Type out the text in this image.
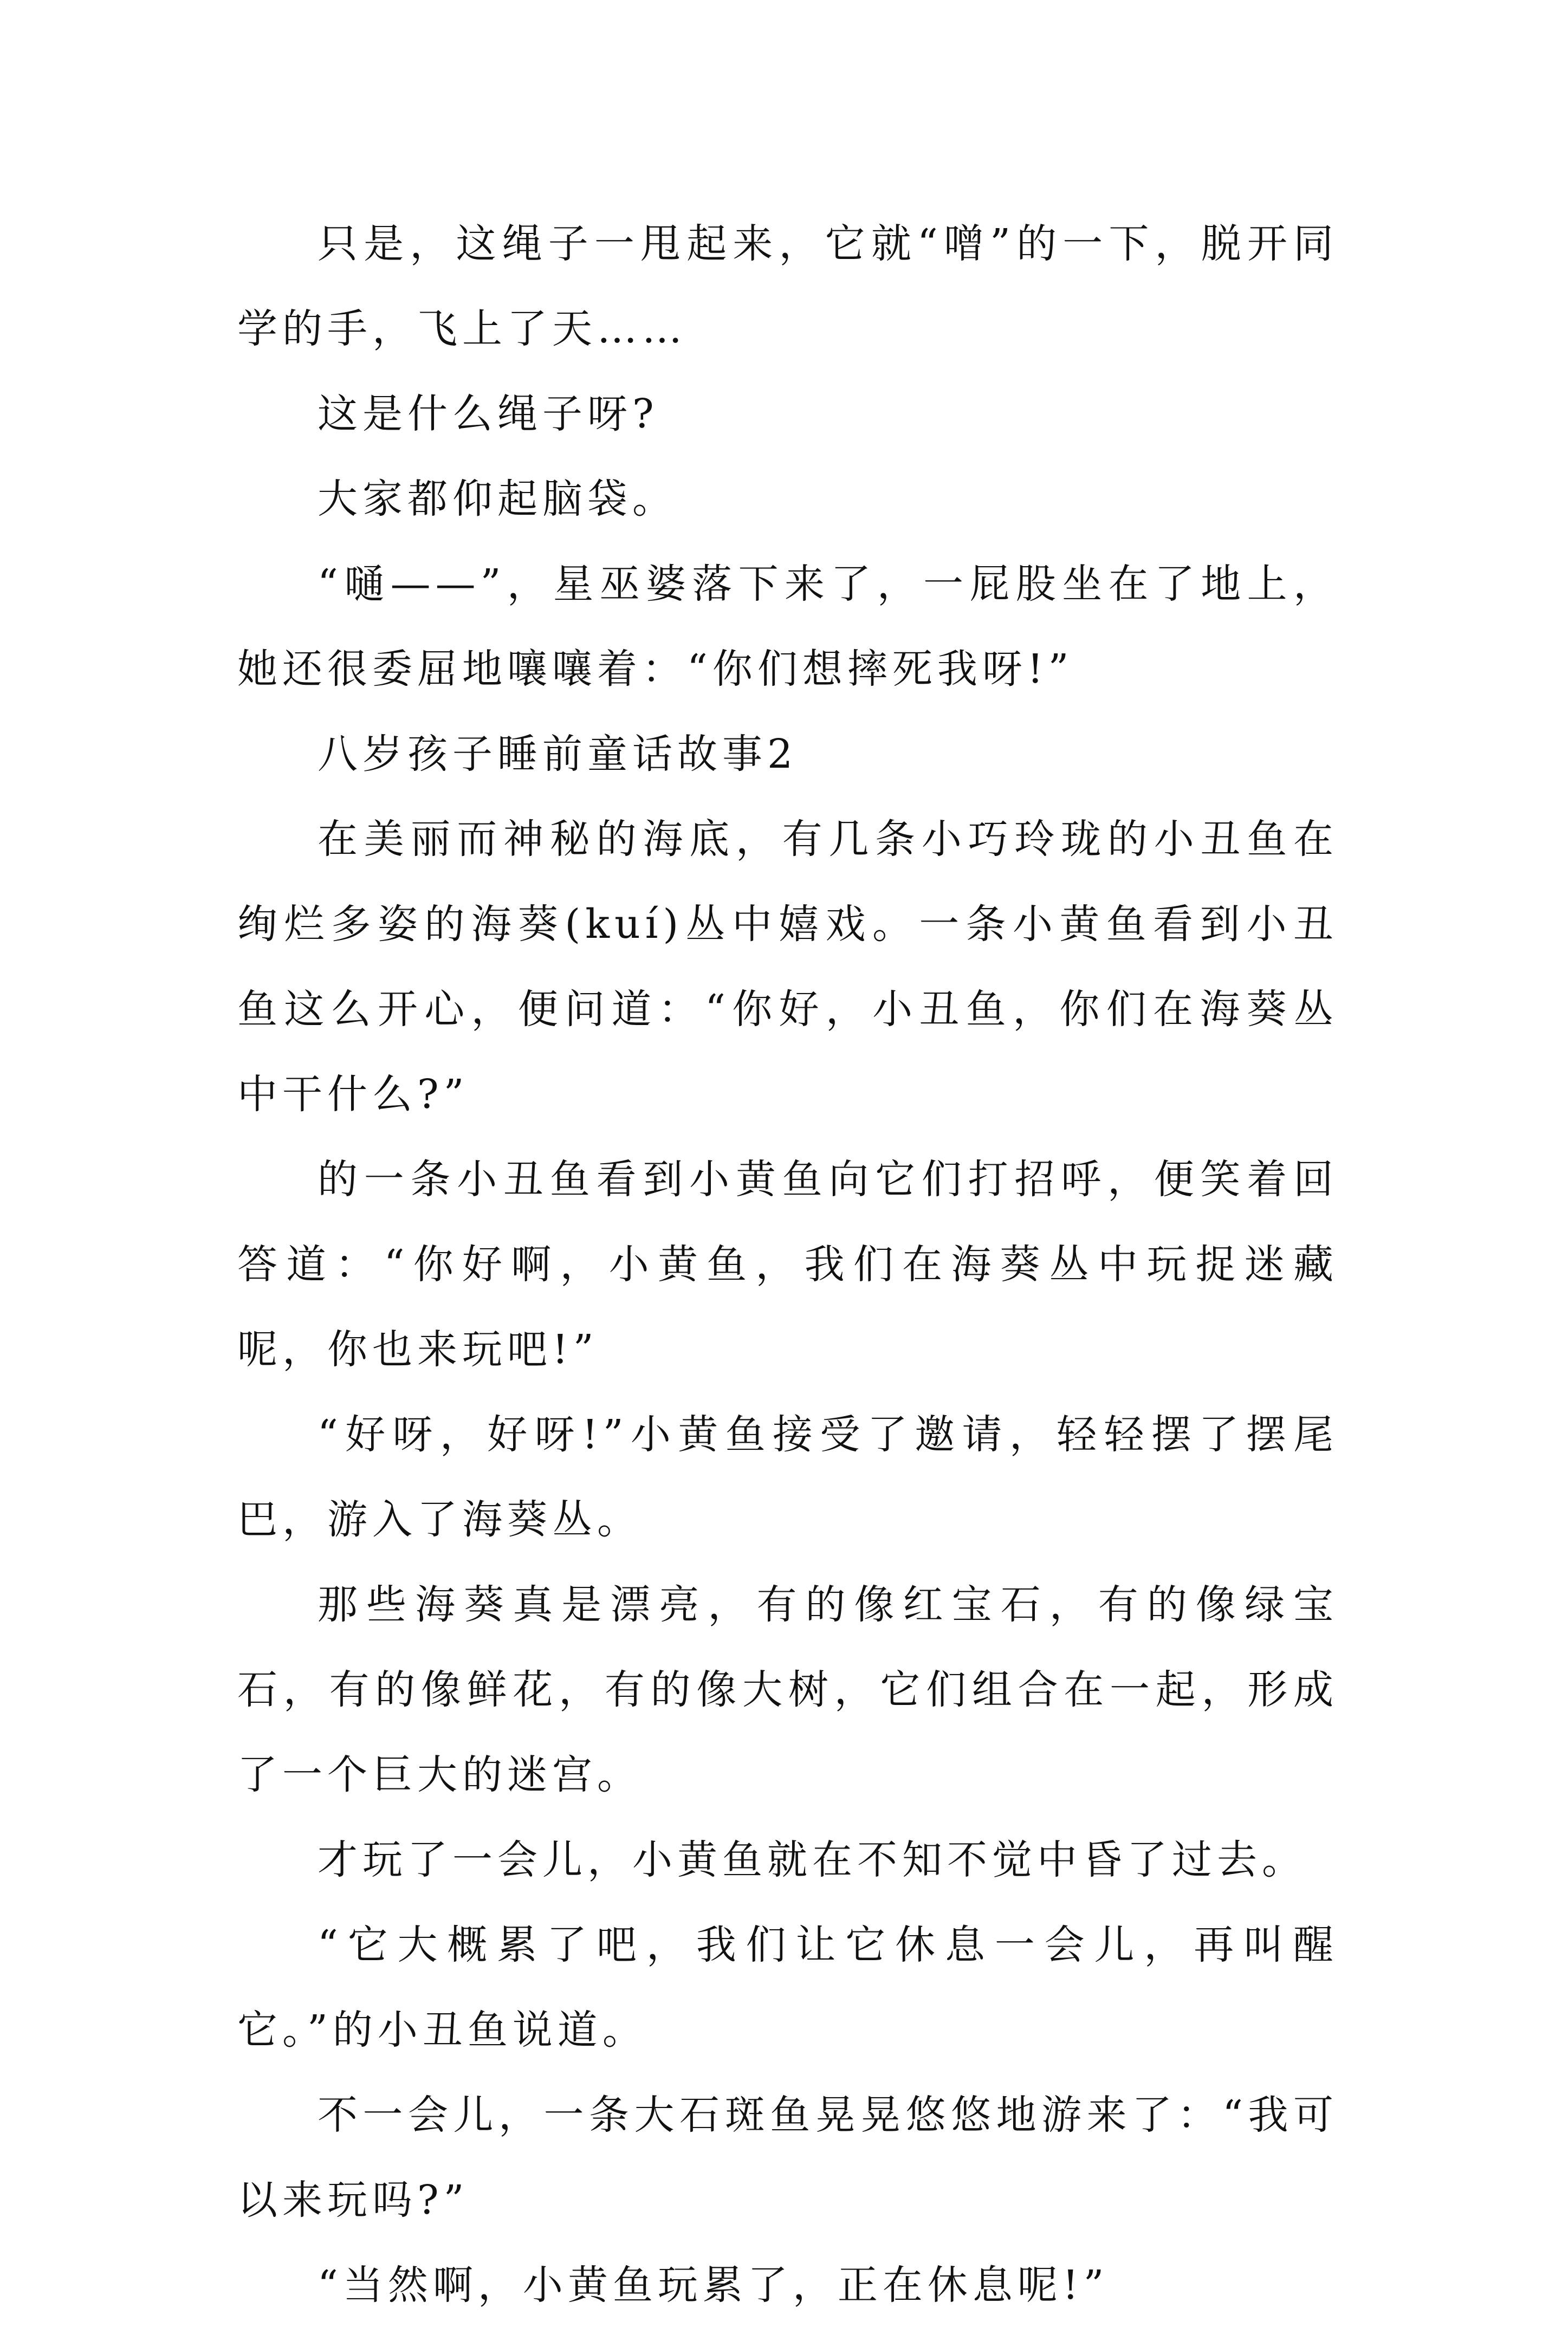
只是，这绳子一甩起来，它就“噌”的一下，脱开同学的手，飞上了天……

这是什么绳子呀?

大家都仰起脑袋。

“嗵——”，星巫婆落下来了，一屁股坐在了地上，她还很委屈地嚷嚷着：“你们想摔死我呀!”

八岁孩子睡前童话故事2

在美丽而神秘的海底，有几条小巧玲珑的小丑鱼在绚烂多姿的海葵(kuí)丛中嬉戏。一条小黄鱼看到小丑鱼这么开心，便问道：“你好，小丑鱼，你们在海葵丛中干什么?”

的一条小丑鱼看到小黄鱼向它们打招呼，便笑着回答道：“你好啊，小黄鱼，我们在海葵丛中玩捉迷藏呢，你也来玩吧!”

“好呀，好呀!”小黄鱼接受了邀请，轻轻摆了摆尾巴，游入了海葵丛。

那些海葵真是漂亮，有的像红宝石，有的像绿宝石，有的像鲜花，有的像大树，它们组合在一起，形成了一个巨大的迷宫。

才玩了一会儿，小黄鱼就在不知不觉中昏了过去。

“它大概累了吧，我们让它休息一会儿，再叫醒它。”的小丑鱼说道。

不一会儿，一条大石斑鱼晃晃悠悠地游来了：“我可以来玩吗?”

“当然啊，小黄鱼玩累了，正在休息呢!”
